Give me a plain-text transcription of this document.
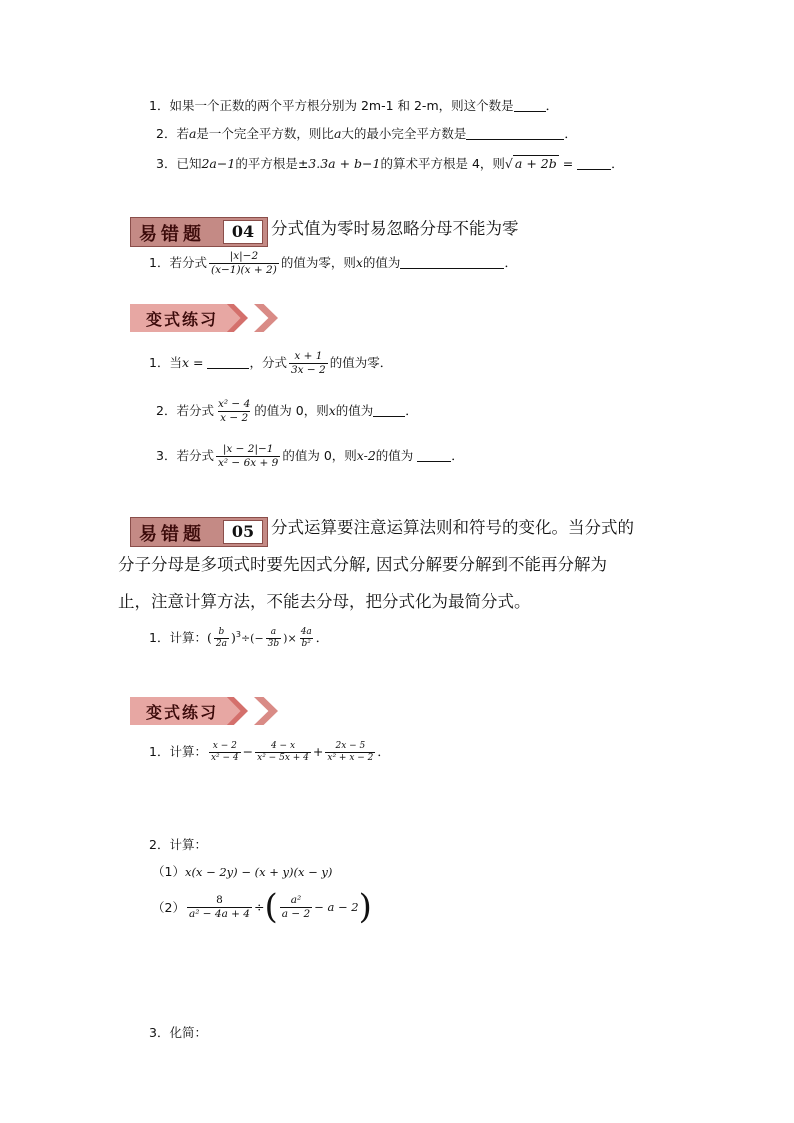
1．如果一个正数的两个平方根分别为 2m-1 和 2-m，则这个数是	．
2．若a是一个完全平方数，则比a大的最小完全平方数是	．
3．已知2a−1的平方根是±3.3a + b−1的算术平方根是 4，则√ a + 2b =	．
易错题	04	分式值为零时易忽略分母不能为零
1．若分式 $\frac{|x|-2}{(x-1)(x + 2)}$ 的值为零，则x的值为	．
变式练习
1．当x =	，分式 $\frac{x + 1}{3x - 2}$ 的值为零．
2．若分式 $\frac{\text{x² − 4}}{x - 2}$ 的值为 0，则x的值为	．
3．若分式 $\frac{|x - 2|-1}{\text{x² − 6x + 9}}$ 的值为 0，则x-2的值为	．
易错题	05	分式运算要注意运算法则和符号的变化。当分式的
分子分母是多项式时要先因式分解, 因式分解要分解到不能再分解为
止，注意计算方法，不能去分母，把分式化为最简分式。
1．计算：( $\frac{b}{2a} )^3\div(- \frac{a}{3b}$ )× $\frac{4a}{\text{b²}}$ ．
变式练习
1．计算： $\frac{x - 2}{\text{x² − 4}} - \frac{4 - x}{\text{x² − 5x + 4}} + \frac{2x - 5}{\text{x² + x − 2}}$ ．
2．计算：
（1）x(x − 2y) − (x + y)(x − y)
$(2) \frac{8}{\text{a² − 4a + 4}}$ ÷( $\frac{\text{a²}}{a - 2} - a - 2$)
3．化简：
